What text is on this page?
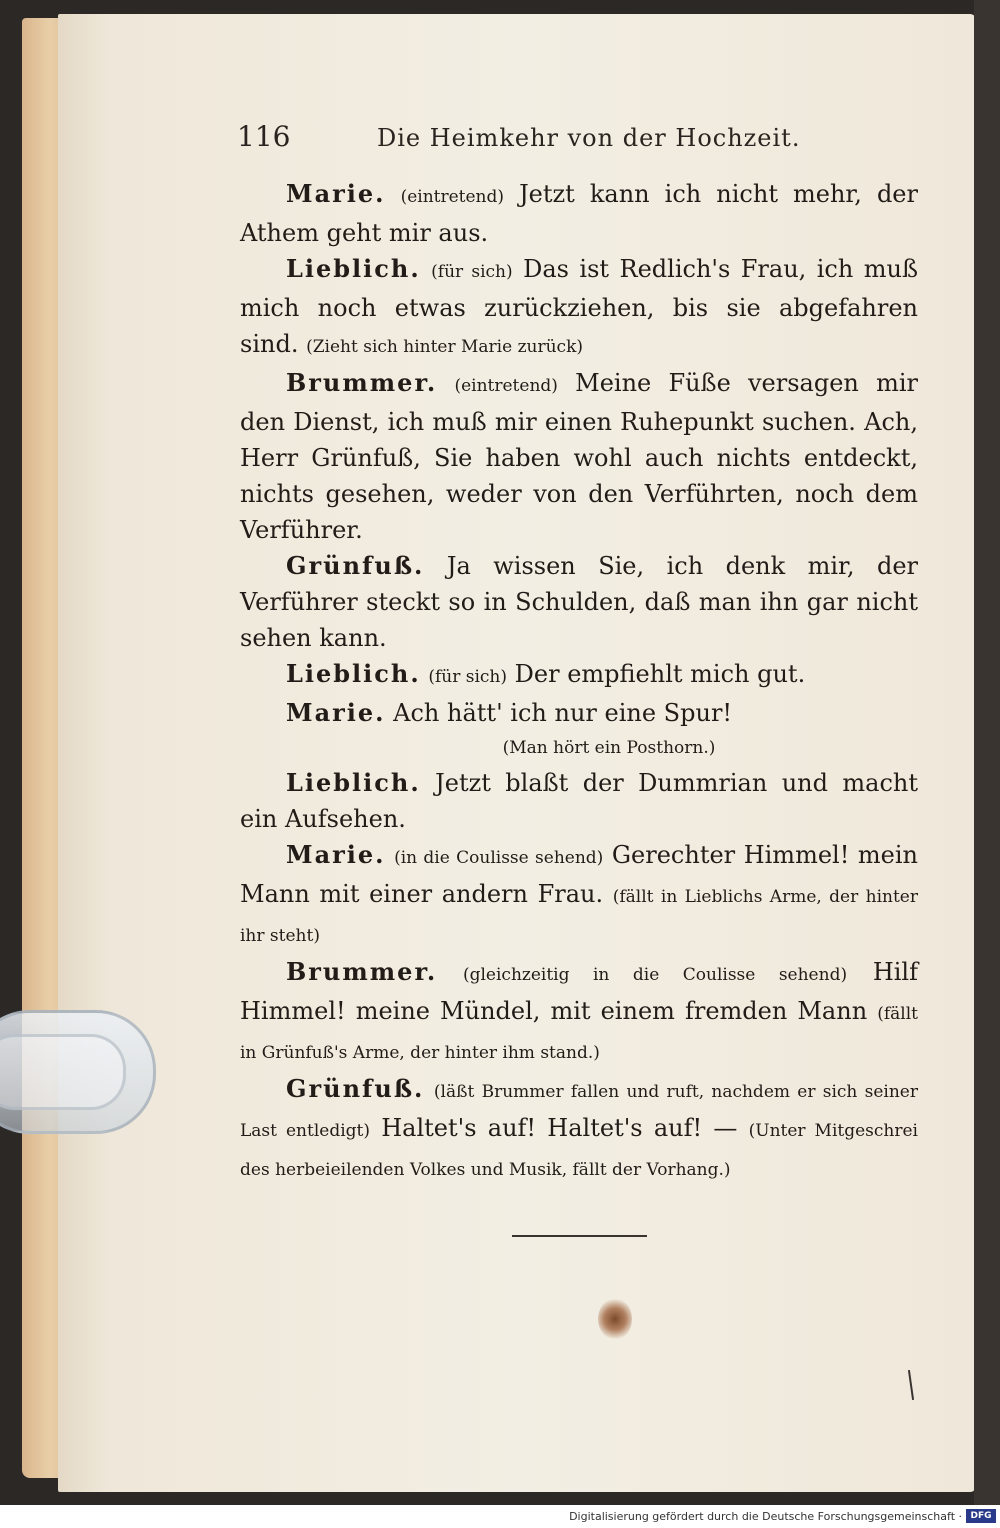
116	Die Heimkehr von der Hochzeit.

Marie. (eintretend) Jetzt kann ich nicht mehr, der Athem geht mir aus.

Lieblich. (für sich) Das ist Redlich's Frau, ich muß mich noch etwas zurückziehen, bis sie abgefahren sind. (Zieht sich hinter Marie zurück)

Brummer. (eintretend) Meine Füße versagen mir den Dienst, ich muß mir einen Ruhepunkt suchen. Ach, Herr Grünfuß, Sie haben wohl auch nichts entdeckt, nichts gesehen, weder von den Verführten, noch dem Verführer.

Grünfuß. Ja wissen Sie, ich denk mir, der Verführer steckt so in Schulden, daß man ihn gar nicht sehen kann.

Lieblich. (für sich) Der empfiehlt mich gut.

Marie. Ach hätt' ich nur eine Spur!

(Man hört ein Posthorn.)

Lieblich. Jetzt blaßt der Dummrian und macht ein Aufsehen.

Marie. (in die Coulisse sehend) Gerechter Himmel! mein Mann mit einer andern Frau. (fällt in Lieblichs Arme, der hinter ihr steht)

Brummer. (gleichzeitig in die Coulisse sehend) Hilf Himmel! meine Mündel, mit einem fremden Mann (fällt in Grünfuß's Arme, der hinter ihm stand.)

Grünfuß. (läßt Brummer fallen und ruft, nachdem er sich seiner Last entledigt) Haltet's auf! Haltet's auf! — (Unter Mitgeschrei des herbeieilenden Volkes und Musik, fällt der Vorhang.)

Digitalisierung gefördert durch die Deutsche Forschungsgemeinschaft · DFG
